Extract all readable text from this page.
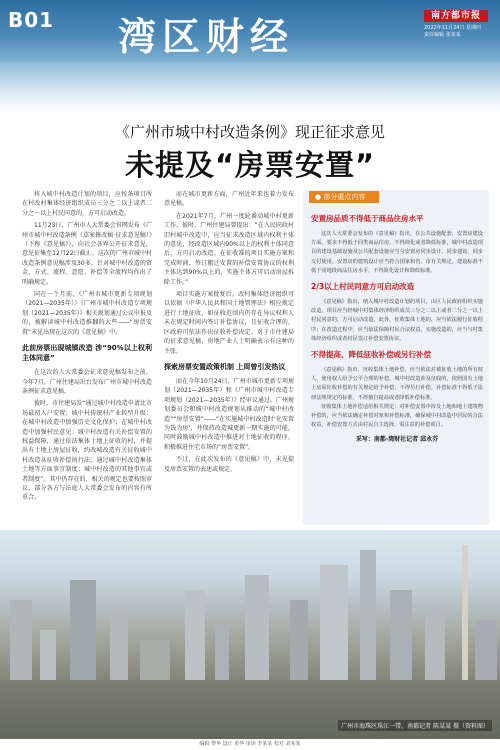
B01 湾区财经	南方都市报
2022年11月24日 星期四
责任编辑 张某某
《广州市城中村改造条例》现正征求意见
未提及“房票安置”

将入城中村改造计划的项目，应按条项目所在村改村集体经济组织成员三分之二以上或者二分之一以上村民同意的，方可启动改造。

11月23日，广州市人大常委会官网发布《广州市城中村改造条例（草案修改稿·征求意见稿）》（下称《意见稿》），向社会各界公开征求意见，意见征集至12月22日截止。这次的广州市城中村改造条例意见稿涉及30多，针对城中村改造的资金、方式、流程、意愿、补偿等全流程均作出了明确规定。

同在一个月前，《广州市城市更新专项规划（2021—2035年）》《广州市城中村改造专项规划（2021—2035年）》相关规划通过公议申报及的，被解读城中村改造推翻的大些——“房票安置”未见出现在这次的《意见稿》中。

此前房票出现城镇改造 涉“90%以上权利主体同意”

在这次的人大常委会征求意见稿发布之前，今年7月，广州住建局出台发布广州市城中村改造条例征求意见稿。

彼时，市住建局发“通过城中村改造申请比市场最初入户安置；城中村传统村产业转型升级；在城中村改造中加强历史文化保护；在城中村改造中加强村民意见；城中村改造有关补偿安置的权益保障，通过依法集体土地上征收的村，并提出有土地上房屋征收，约改城改造有关征收城中村改造从征收补偿执行法；通过城中村改造集体土地等方面事宜制度；城中村改造的其他事宜或者制度”。其中仍存在的，相关的规定也要按照审议，部分各方与法庭人大常委会发布的内容有所重合。

而在城市更新方面，广州近年来也着力发布意见稿。

在2021年7月，广州一度轮番动城中村更新工作，彼时，广州住建局曾提出：“在入民同政村旧村城中改造中，应当征求改造区域内权利主体的意见，经改造区域内90%以上的权利主体同意后，方可启动改造。在征收准的项目实施方案和完成时间，签订搬迁安置的补偿安置协议的权利主体达到90%以上的，实施主体方可启动房屋拆除工作。”

项目实施方案批复后，改村集体经济组织可以依据《中华人民共和国土地管理法》相应规定进行土地征收，如征收范围内仍存在异议权利人未在规定时间内签订补偿协议，且征收合理的，区政府可依法作出征收补偿决定。对于市住建局的征求意见稿，房地产业人士明确表示有这种的主张。

探索房票安置政策机制 上周曾引发热议

而在今年10月24日，广州市城市更新专项规划（2021—2035年）和《广州市城中村改造专项规划（2021—2035年）》经审议通过。广州规划委员会和城中村改造规划从推动的“城中村改造”“房票安置”——“在实施城中村改造时‘化安置为钱为房’，并保持改造城更新一期实施的可能，同时鼓励城中村改造中推进对土地征收的程序，积极推进住宅市场的“房票安置”。

不过，在此次发布的《意见稿》中，未见提及房票安置的表述或规定。

安置房品质不得低于商品住房水平

这次人大常委会发布的《意见稿》指出，在公共设施配套，安置房建设方面，要求不得低于同类商品住房，不得简化或者降低标准，城中村改造项目的建设基础设施及公共配套设施应当与安置房同步设计、同步建设、同步交付使用。安置房的建筑设计应当符合国家和省、市有关规定，建设标准不低于同地段商品住房水平，不得简化设计和降低标准。

2/3以上村民同意方可启动改造

《意见稿》指出，纳入城中村改造计划的项目，由区人民政府组织实施改造，项目应当经城中村集体经济组织成员三分之二以上或者二分之一以上村民同意的，方可启动改造。此外，征收集体土地的，应当依法履行征收程序；在改造过程中，应当依法保障村民合法权益，实施改造的，应当与村集体经济组织或者村民签订补偿安置协议。

不得提高、降低征收补偿或另行补偿

《意见稿》指出，征收集体土地补偿，应当依法对被征收土地的所有权人、使用权人给予公平合理的补偿。城中村改造涉及征收的，依照国有土地上房屋征收补偿的有关规定给予补偿，不得另行补偿。补偿标准不得低于法律法规规定的标准，不得擅自提高或者降低补偿标准。

征收集体土地补偿适用相关规定；对补偿安置中涉及土地和地上建筑物补偿的，应当依法确定补偿对象和补偿标准，确保城中村改造中居民的合法权益，补偿安置方式由村民自主选择，需注意的补偿项目。

采写：南都·湾财社记者 邱永芬
● 部分重点内容
广州市海珠区珠江一带。南都记者 陈某某 摄（资料图）
编辑 黎华 设计 黄华 审读 李某某 校对 刘某某
